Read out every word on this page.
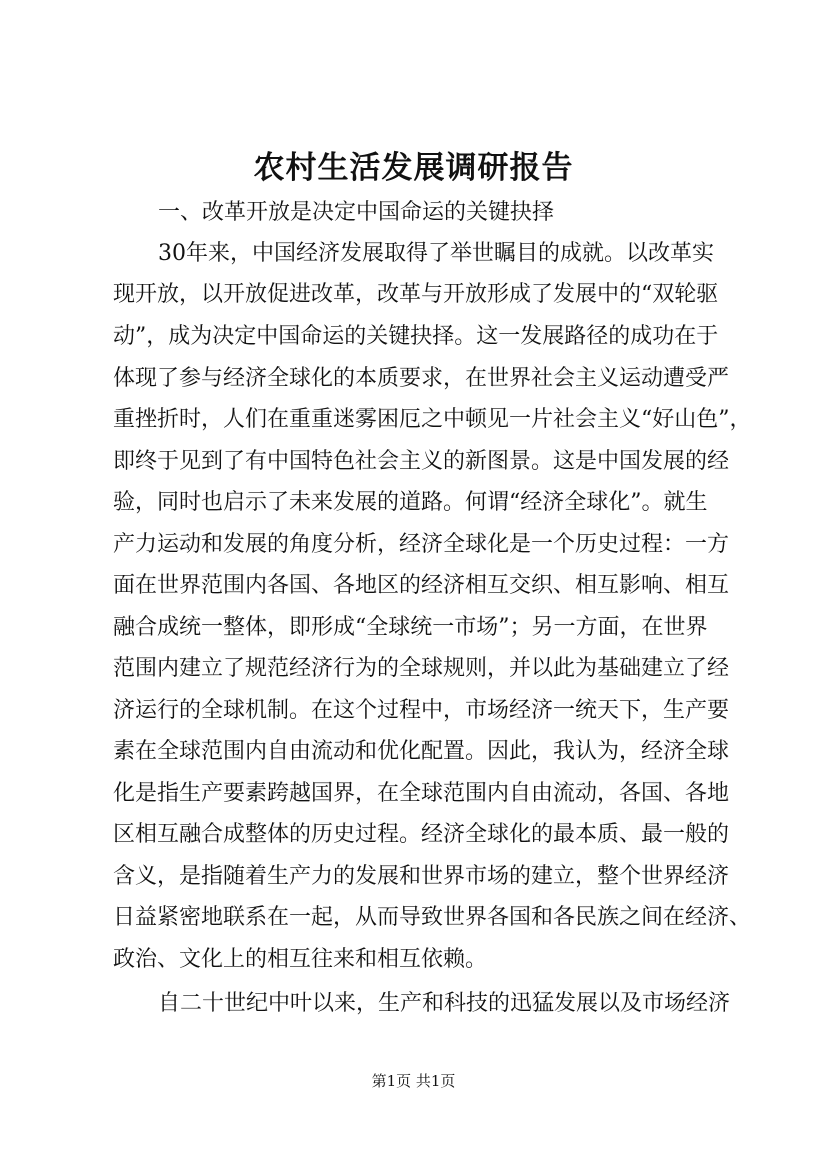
农村生活发展调研报告
一、改革开放是决定中国命运的关键抉择
30年来，中国经济发展取得了举世瞩目的成就。以改革实
现开放，以开放促进改革，改革与开放形成了发展中的“双轮驱
动”，成为决定中国命运的关键抉择。这一发展路径的成功在于
体现了参与经济全球化的本质要求，在世界社会主义运动遭受严
重挫折时，人们在重重迷雾困厄之中顿见一片社会主义“好山色”，
即终于见到了有中国特色社会主义的新图景。这是中国发展的经
验，同时也启示了未来发展的道路。何谓“经济全球化”。就生
产力运动和发展的角度分析，经济全球化是一个历史过程：一方
面在世界范围内各国、各地区的经济相互交织、相互影响、相互
融合成统一整体，即形成“全球统一市场”；另一方面，在世界
范围内建立了规范经济行为的全球规则，并以此为基础建立了经
济运行的全球机制。在这个过程中，市场经济一统天下，生产要
素在全球范围内自由流动和优化配置。因此，我认为，经济全球
化是指生产要素跨越国界，在全球范围内自由流动，各国、各地
区相互融合成整体的历史过程。经济全球化的最本质、最一般的
含义，是指随着生产力的发展和世界市场的建立，整个世界经济
日益紧密地联系在一起，从而导致世界各国和各民族之间在经济、
政治、文化上的相互往来和相互依赖。
自二十世纪中叶以来，生产和科技的迅猛发展以及市场经济
第1页 共1页
